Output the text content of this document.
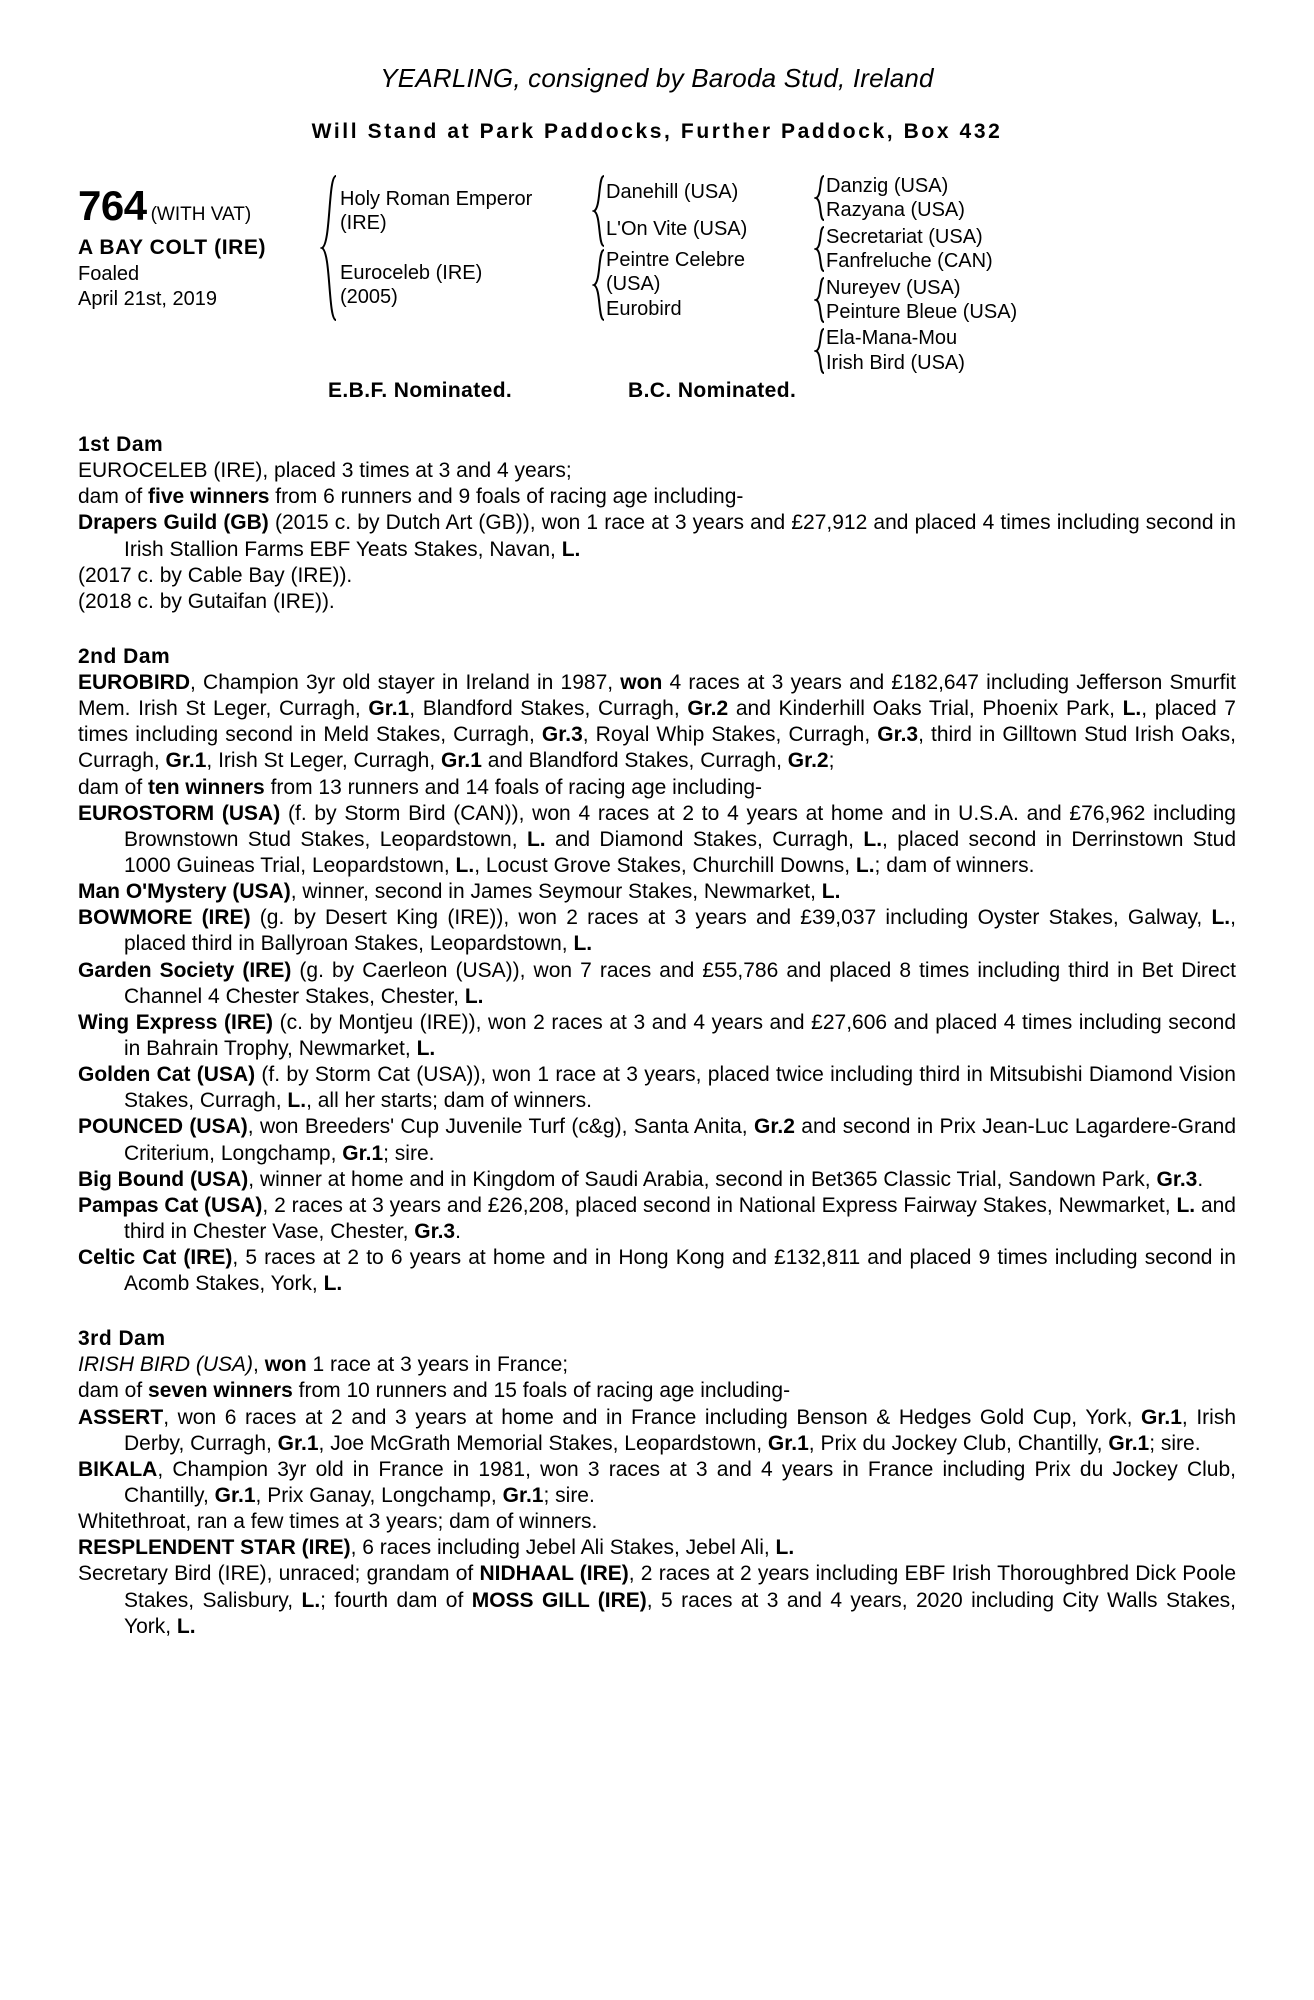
YEARLING, consigned by Baroda Stud, Ireland
Will Stand at Park Paddocks, Further Paddock, Box 432
764 (WITH VAT)
A BAY COLT (IRE)
Foaled
April 21st, 2019
Holy Roman Emperor
(IRE)
Euroceleb (IRE)
(2005)
Danehill (USA)
L'On Vite (USA)
Peintre Celebre
(USA)
Eurobird
Danzig (USA)
Razyana (USA)
Secretariat (USA)
Fanfreluche (CAN)
Nureyev (USA)
Peinture Bleue (USA)
Ela-Mana-Mou
Irish Bird (USA)
E.B.F. Nominated.	B.C. Nominated.
1st Dam

EUROCELEB (IRE), placed 3 times at 3 and 4 years;

dam of five winners from 6 runners and 9 foals of racing age including-

Drapers Guild (GB) (2015 c. by Dutch Art (GB)), won 1 race at 3 years and £27,912 and placed 4 times including second in Irish Stallion Farms EBF Yeats Stakes, Navan, L.

(2017 c. by Cable Bay (IRE)).

(2018 c. by Gutaifan (IRE)).

2nd Dam

EUROBIRD, Champion 3yr old stayer in Ireland in 1987, won 4 races at 3 years and £182,647 including Jefferson Smurfit Mem. Irish St Leger, Curragh, Gr.1, Blandford Stakes, Curragh, Gr.2 and Kinderhill Oaks Trial, Phoenix Park, L., placed 7 times including second in Meld Stakes, Curragh, Gr.3, Royal Whip Stakes, Curragh, Gr.3, third in Gilltown Stud Irish Oaks, Curragh, Gr.1, Irish St Leger, Curragh, Gr.1 and Blandford Stakes, Curragh, Gr.2;

dam of ten winners from 13 runners and 14 foals of racing age including-

EUROSTORM (USA) (f. by Storm Bird (CAN)), won 4 races at 2 to 4 years at home and in U.S.A. and £76,962 including Brownstown Stud Stakes, Leopardstown, L. and Diamond Stakes, Curragh, L., placed second in Derrinstown Stud 1000 Guineas Trial, Leopardstown, L., Locust Grove Stakes, Churchill Downs, L.; dam of winners.

Man O'Mystery (USA), winner, second in James Seymour Stakes, Newmarket, L.

BOWMORE (IRE) (g. by Desert King (IRE)), won 2 races at 3 years and £39,037 including Oyster Stakes, Galway, L., placed third in Ballyroan Stakes, Leopardstown, L.

Garden Society (IRE) (g. by Caerleon (USA)), won 7 races and £55,786 and placed 8 times including third in Bet Direct Channel 4 Chester Stakes, Chester, L.

Wing Express (IRE) (c. by Montjeu (IRE)), won 2 races at 3 and 4 years and £27,606 and placed 4 times including second in Bahrain Trophy, Newmarket, L.

Golden Cat (USA) (f. by Storm Cat (USA)), won 1 race at 3 years, placed twice including third in Mitsubishi Diamond Vision Stakes, Curragh, L., all her starts; dam of winners.

POUNCED (USA), won Breeders' Cup Juvenile Turf (c&g), Santa Anita, Gr.2 and second in Prix Jean-Luc Lagardere-Grand Criterium, Longchamp, Gr.1; sire.

Big Bound (USA), winner at home and in Kingdom of Saudi Arabia, second in Bet365 Classic Trial, Sandown Park, Gr.3.

Pampas Cat (USA), 2 races at 3 years and £26,208, placed second in National Express Fairway Stakes, Newmarket, L. and third in Chester Vase, Chester, Gr.3.

Celtic Cat (IRE), 5 races at 2 to 6 years at home and in Hong Kong and £132,811 and placed 9 times including second in Acomb Stakes, York, L.

3rd Dam

IRISH BIRD (USA), won 1 race at 3 years in France;

dam of seven winners from 10 runners and 15 foals of racing age including-

ASSERT, won 6 races at 2 and 3 years at home and in France including Benson & Hedges Gold Cup, York, Gr.1, Irish Derby, Curragh, Gr.1, Joe McGrath Memorial Stakes, Leopardstown, Gr.1, Prix du Jockey Club, Chantilly, Gr.1; sire.

BIKALA, Champion 3yr old in France in 1981, won 3 races at 3 and 4 years in France including Prix du Jockey Club, Chantilly, Gr.1, Prix Ganay, Longchamp, Gr.1; sire.

Whitethroat, ran a few times at 3 years; dam of winners.

RESPLENDENT STAR (IRE), 6 races including Jebel Ali Stakes, Jebel Ali, L.

Secretary Bird (IRE), unraced; grandam of NIDHAAL (IRE), 2 races at 2 years including EBF Irish Thoroughbred Dick Poole Stakes, Salisbury, L.; fourth dam of MOSS GILL (IRE), 5 races at 3 and 4 years, 2020 including City Walls Stakes, York, L.
